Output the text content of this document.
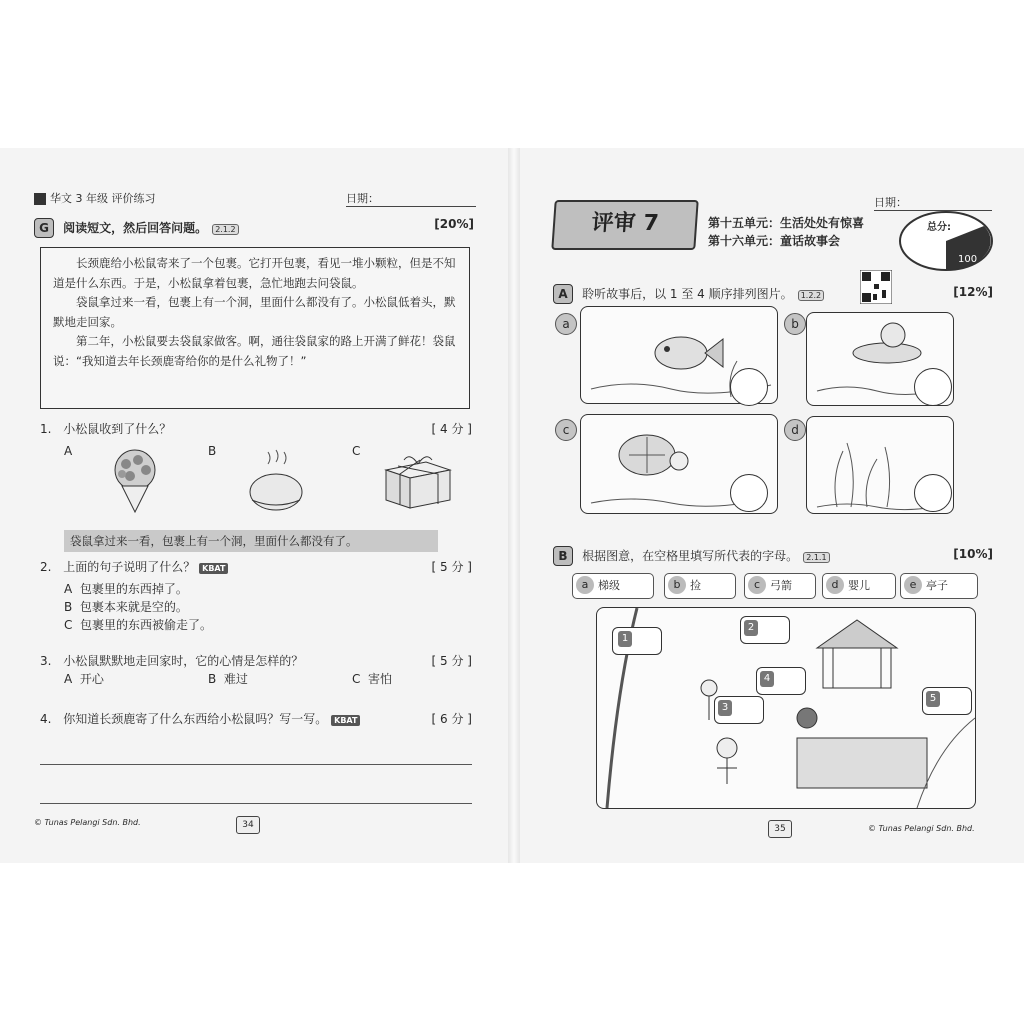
华文 3 年级 评价练习	日期：
G 阅读短文，然后回答问题。 2.1.2	[20%]

长颈鹿给小松鼠寄来了一个包裹。它打开包裹，看见一堆小颗粒，但是不知道是什么东西。于是，小松鼠拿着包裹，急忙地跑去问袋鼠。

袋鼠拿过来一看，包裹上有一个洞，里面什么都没有了。小松鼠低着头，默默地走回家。

第二年，小松鼠要去袋鼠家做客。啊，通往袋鼠家的路上开满了鲜花！袋鼠说：“我知道去年长颈鹿寄给你的是什么礼物了！”

1. 小松鼠收到了什么？	[ 4 分 ]
A	B	C
袋鼠拿过来一看，包裹上有一个洞，里面什么都没有了。
2. 上面的句子说明了什么？ KBAT	[ 5 分 ]
A 包裹里的东西掉了。
B 包裹本来就是空的。
C 包裹里的东西被偷走了。
3. 小松鼠默默地走回家时，它的心情是怎样的？	[ 5 分 ]
A 开心	B 难过	C 害怕
4. 你知道长颈鹿寄了什么东西给小松鼠吗？写一写。 KBAT	[ 6 分 ]
© Tunas Pelangi Sdn. Bhd.	34
日期：
评审 7	第十五单元：生活处处有惊喜
第十六单元：童话故事会
总分:
100
A 聆听故事后，以 1 至 4 顺序排列图片。 1.2.2	[12%]
a	b
c	d
B 根据图意，在空格里填写所代表的字母。 2.1.1	[10%]
a 梯级	b 捡	c 弓箭	d 婴儿	e 亭子
1
2
3
4
5
35	© Tunas Pelangi Sdn. Bhd.
